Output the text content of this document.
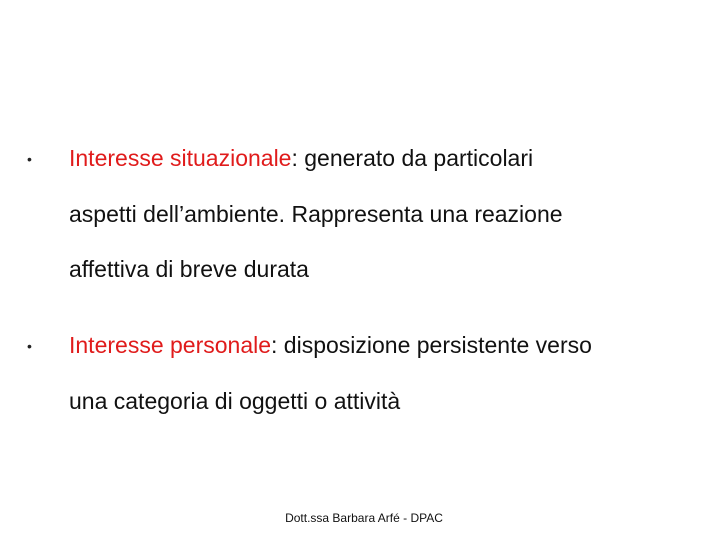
• Interesse situazionale: generato da particolari
aspetti dell’ambiente. Rappresenta una reazione
affettiva di breve durata
• Interesse personale: disposizione persistente verso
una categoria di oggetti o attività
Dott.ssa Barbara Arfé - DPAC
